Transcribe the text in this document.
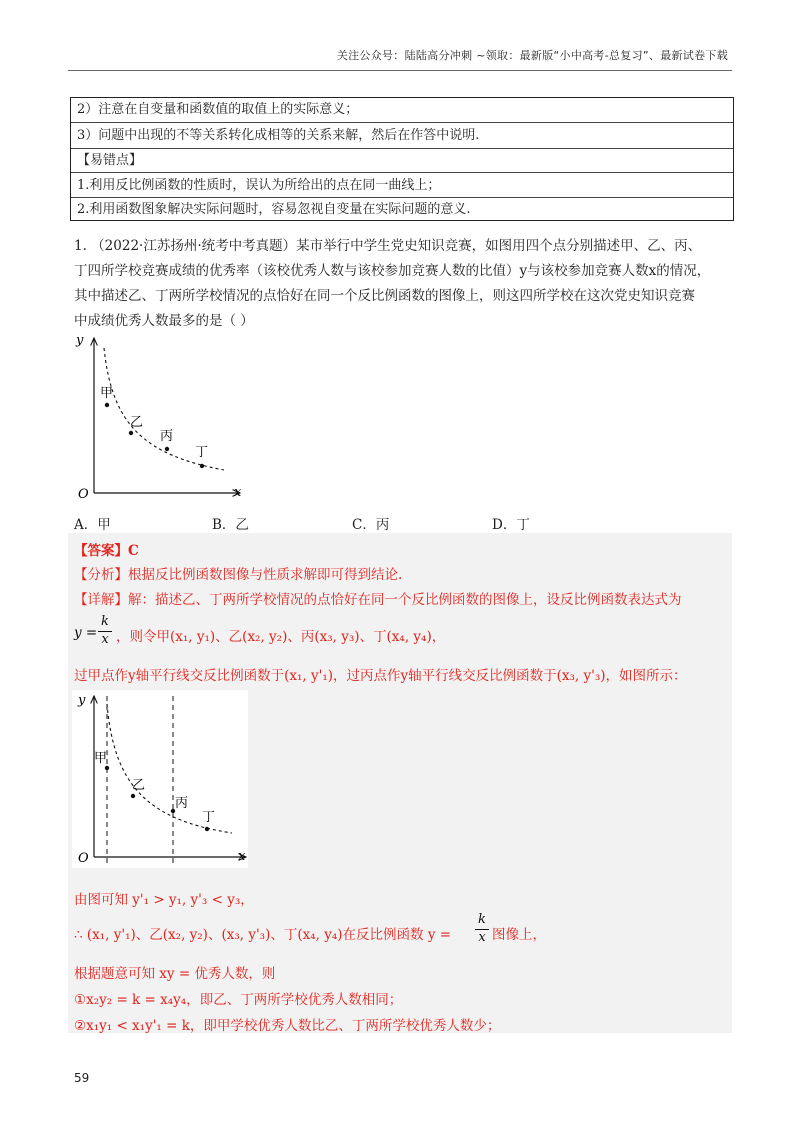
关注公众号：陆陆高分冲刺 ~领取：最新版“小中高考-总复习”、最新试卷下载
2）注意在自变量和函数值的取值上的实际意义；
3）问题中出现的不等关系转化成相等的关系来解，然后在作答中说明.
【易错点】
1.利用反比例函数的性质时，误认为所给出的点在同一曲线上；
2.利用函数图象解决实际问题时，容易忽视自变量在实际问题的意义.
1. （2022·江苏扬州·统考中考真题）某市举行中学生党史知识竞赛，如图用四个点分别描述甲、乙、丙、
丁四所学校竞赛成绩的优秀率（该校优秀人数与该校参加竞赛人数的比值）y与该校参加竞赛人数x的情况，
其中描述乙、丁两所学校情况的点恰好在同一个反比例函数的图像上，则这四所学校在这次党史知识竞赛
中成绩优秀人数最多的是（ ）
y
x
O
甲
乙
丙
丁
A．甲	B．乙	C．丙	D．丁
【答案】C
【分析】根据反比例函数图像与性质求解即可得到结论.
【详解】解：描述乙、丁两所学校情况的点恰好在同一个反比例函数的图像上，设反比例函数表达式为
y =
k
x ，则令甲(x₁, y₁)、乙(x₂, y₂)、丙(x₃, y₃)、丁(x₄, y₄)，
过甲点作y轴平行线交反比例函数于(x₁, y'₁)，过丙点作y轴平行线交反比例函数于(x₃, y'₃)，如图所示：
y
x
O
甲
乙
丙
丁
由图可知 y'₁ > y₁, y'₃ < y₃，
∴ (x₁, y'₁)、乙(x₂, y₂)、(x₃, y'₃)、丁(x₄, y₄)在反比例函数 y =
k
x 图像上，
根据题意可知 xy = 优秀人数，则
①x₂y₂ = k = x₄y₄，即乙、丁两所学校优秀人数相同；
②x₁y₁ < x₁y'₁ = k，即甲学校优秀人数比乙、丁两所学校优秀人数少；
59
